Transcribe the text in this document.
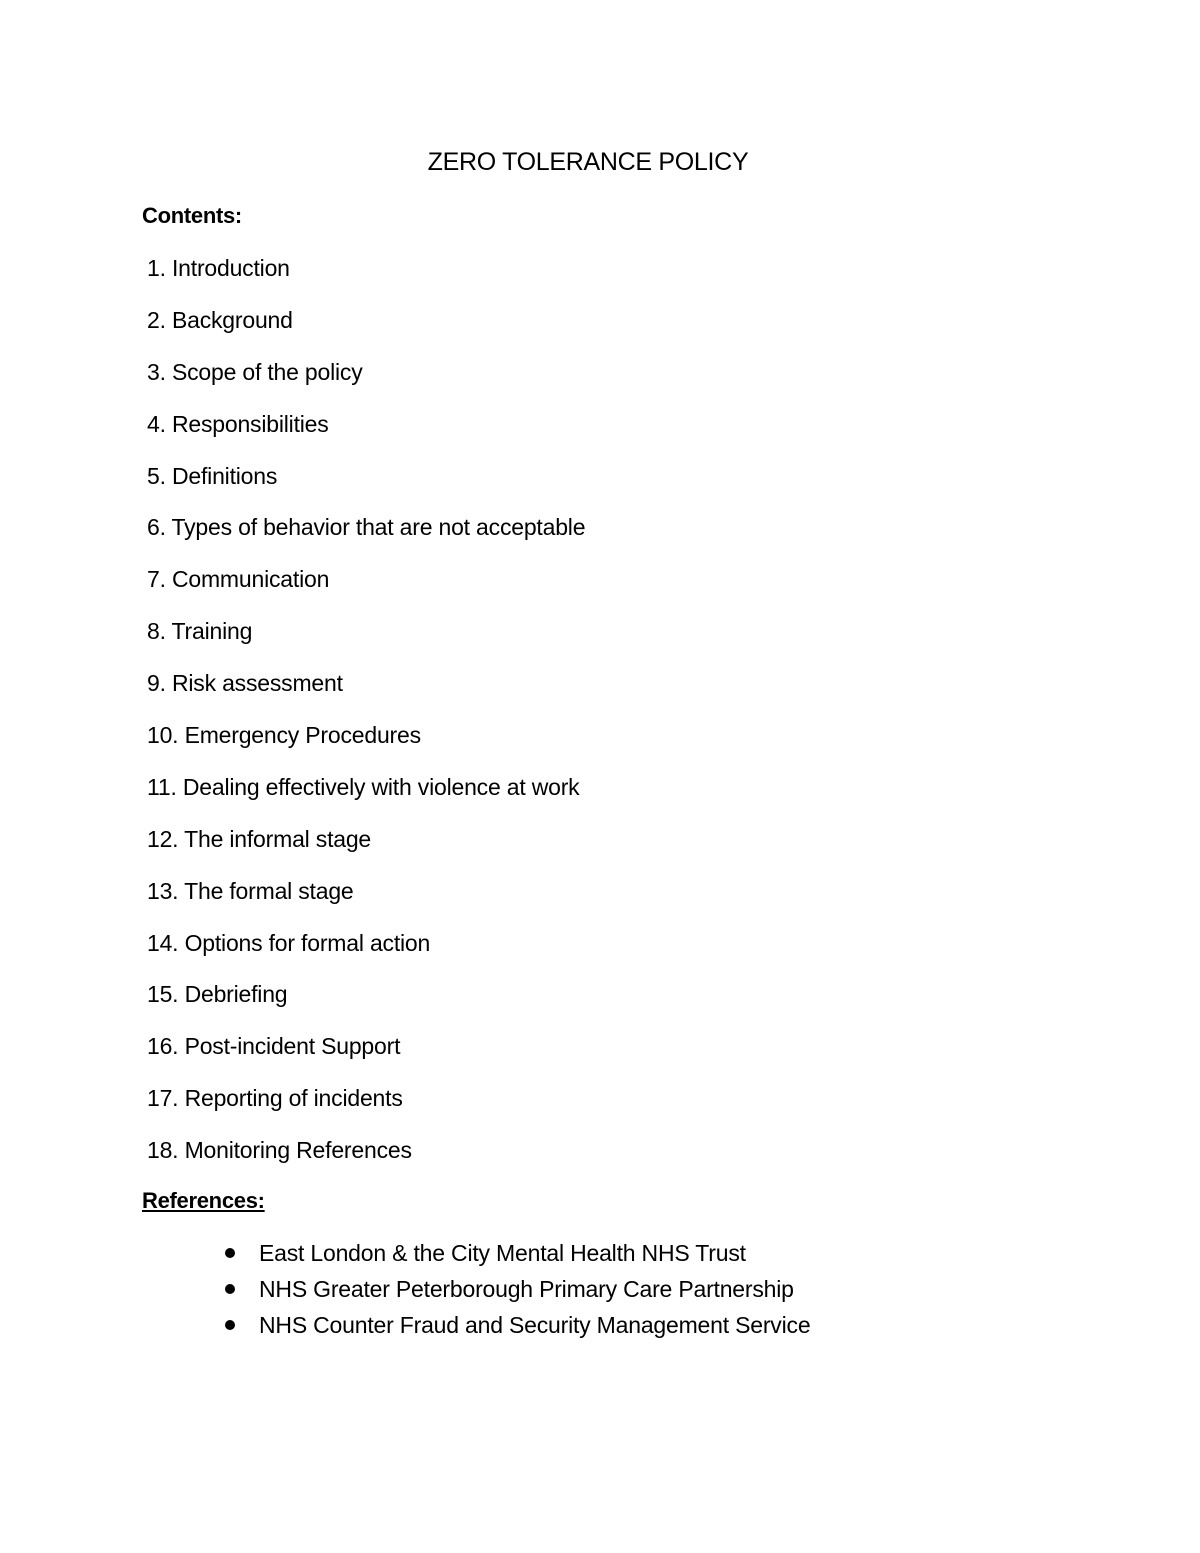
ZERO TOLERANCE POLICY
Contents:
1. Introduction
2. Background
3. Scope of the policy
4. Responsibilities
5. Definitions
6. Types of behavior that are not acceptable
7. Communication
8. Training
9. Risk assessment
10. Emergency Procedures
11. Dealing effectively with violence at work
12. The informal stage
13. The formal stage
14. Options for formal action
15. Debriefing
16. Post-incident Support
17. Reporting of incidents
18. Monitoring References
References:
East London & the City Mental Health NHS Trust
NHS Greater Peterborough Primary Care Partnership
NHS Counter Fraud and Security Management Service
